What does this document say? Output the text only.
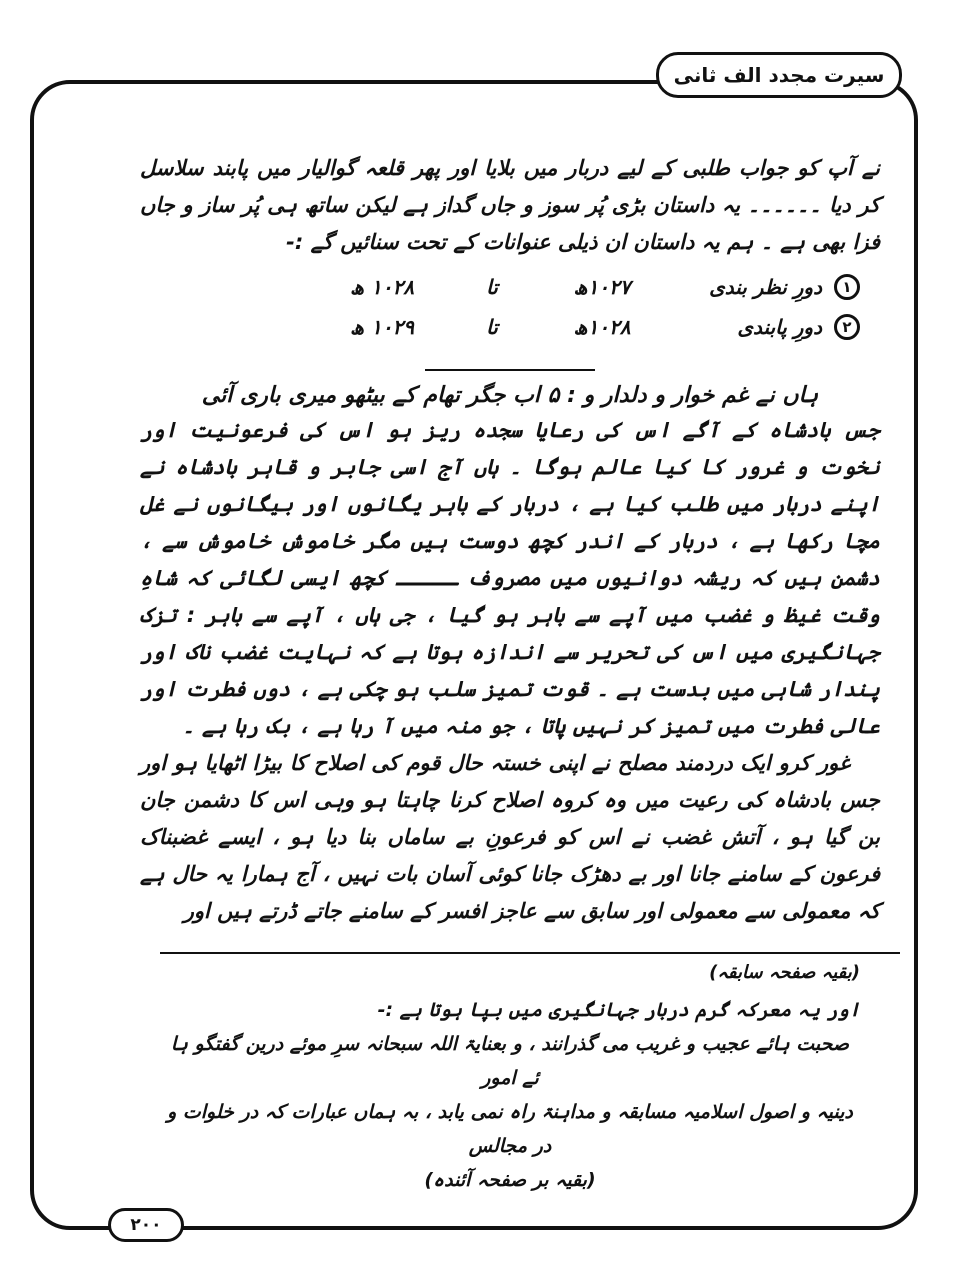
سیرت مجدد الف ثانی

نے آپ کو جواب طلبی کے لیے دربار میں بلایا اور پھر قلعہ گوالیار میں پابند سلاسل کر دیا ۔۔۔۔۔۔ یہ داستان بڑی پُر سوز و جاں گداز ہے لیکن ساتھ ہی پُر ساز و جاں فزا بھی ہے ۔ ہم یہ داستان ان ذیلی عنوانات کے تحت سنائیں گے :-

۱
دورِ نظر بندی
۱۰۲۷ھ
تا
۱۰۲۸ ھ
۲
دورِ پابندی
۱۰۲۸ھ
تا
۱۰۲۹ ھ

ہاں نے غم خوار و دلدار و : ۵ اب جگر تھام کے بیٹھو میری باری آئی

جس بادشاہ کے آگے اس کی رعایا سجدہ ریز ہو اس کی فرعونیت اور نخوت و غرور کا کیا عالم ہوگا ۔ ہاں آج اسی جابر و قاہر بادشاہ نے اپنے دربار میں طلب کیا ہے ، دربار کے باہر یگانوں اور بیگانوں نے غل مچا رکھا ہے ، دربار کے اندر کچھ دوست ہیں مگر خاموش خاموش سے ، دشمن ہیں کہ ریشہ دوانیوں میں مصروف ـــــ کچھ ایسی لگائی کہ شاہِ وقت غیظ و غضب میں آپے سے باہر ہو گیا ، جی ہاں ، آپے سے باہر : تزک جہانگیری میں اس کی تحریر سے اندازہ ہوتا ہے کہ نہایت غضب ناک اور پندار شاہی میں بدست ہے ۔ قوت تمیز سلب ہو چکی ہے ، دوں فطرت اور عالی فطرت میں تمیز کر نہیں پاتا ، جو منہ میں آ رہا ہے ، بک رہا ہے ۔

غور کرو ایک دردمند مصلح نے اپنی خستہ حال قوم کی اصلاح کا بیڑا اٹھایا ہو اور جس بادشاہ کی رعیت میں وہ کروہ اصلاح کرنا چاہتا ہو وہی اس کا دشمن جان بن گیا ہو ، آتش غضب نے اس کو فرعونِ بے ساماں بنا دیا ہو ، ایسے غضبناک فرعون کے سامنے جانا اور بے دھڑک جانا کوئی آسان بات نہیں ، آج ہمارا یہ حال ہے کہ معمولی سے معمولی اور سابق سے عاجز افسر کے سامنے جاتے ڈرتے ہیں اور

(بقیہ صفحہ سابقہ)

اور یہ معرکہ گرم دربار جہانگیری میں بپا ہوتا ہے :-

صحبت ہائے عجیب و غریب می گذرانند ، و بعنایۃ اللہ سبحانہ سرِ موئے درین گفتگو ہا ئے امور

دینیہ و اصول اسلامیہ مسابقہ و مداہنۃ راہ نمی یابد ، بہ ہماں عبارات کہ در خلوات و در مجالس

(بقیہ بر صفحہ آئندہ)

۲۰۰
